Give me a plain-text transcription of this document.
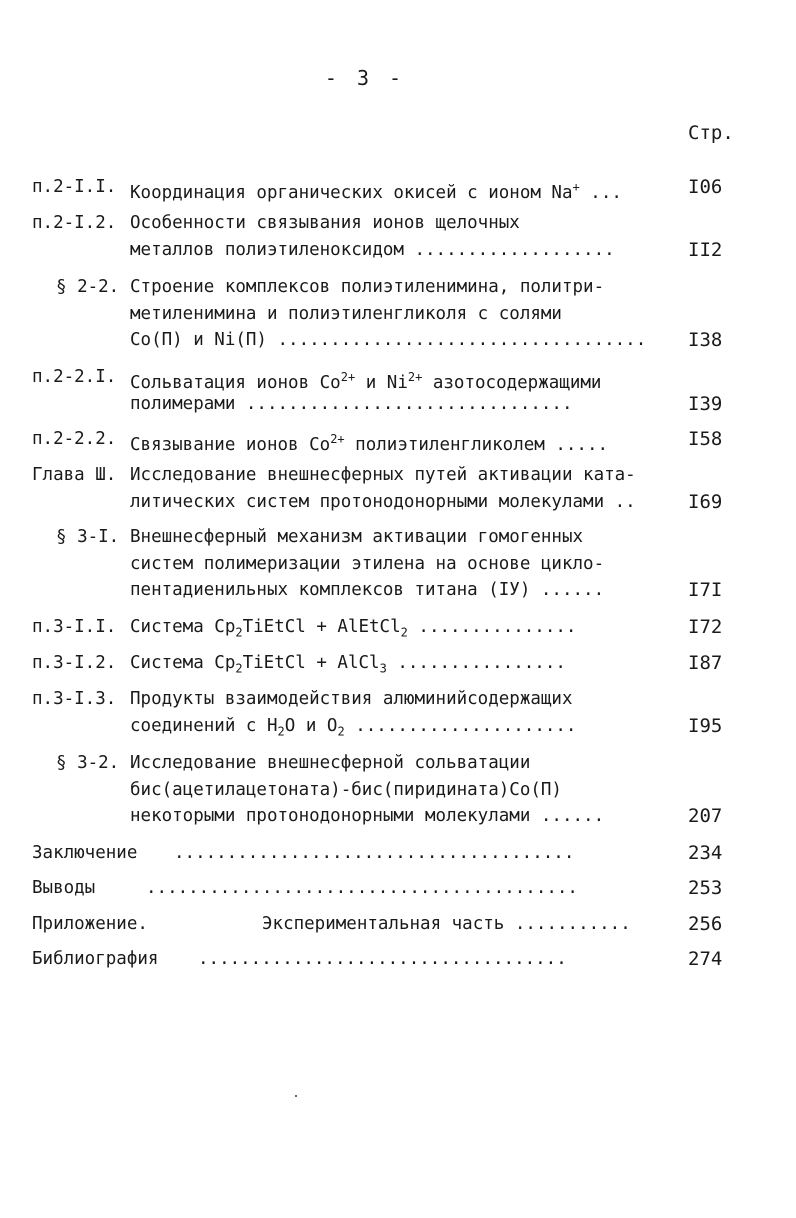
- 3 -
Стр.
п.2-I.I. Координация органических окисей с ионом Na+ ...	I06
п.2-I.2. Особенности связывания ионов щелочных
металлов полиэтиленоксидом ...................	II2
§ 2-2. Строение комплексов полиэтиленимина, политри-
метиленимина и полиэтиленгликоля с солями
Co(П) и Ni(П) ................................... I38
п.2-2.I. Сольватация ионов $Co^{2+}$ и $Ni^{2+}$ азотосодержащими
полимерами ...............................	I39
п.2-2.2. Связывание ионов $Co^{2+}$ полиэтиленгликолем .....	I58
Глава Ш. Исследование внешнесферных путей активации ката-
литических систем протонодонорными молекулами ..	I69
§ 3-I. Внешнесферный механизм активации гомогенных
систем полимеризации этилена на основе цикло-
пентадиенильных комплексов титана (IУ) ......	I7I
п.3-I.I. Система $Cp_2TiEtCl$ + AlEtCl$_2$ ...............	I72
п.3-I.2. Система $Cp_2TiEtCl$ + AlCl$_3$ ................	I87
п.3-I.3. Продукты взаимодействия алюминийсодержащих
соединений с $H_2O$ и $O_2$ .....................	I95
§ 3-2. Исследование внешнесферной сольватации
бис(ацетилацетоната)-бис(пиридината)Co(П)
некоторыми протонодонорными молекулами ......	207
Заключение ......................................	234
Выводы	.........................................	253
Приложение.	Экспериментальная часть ...........	256
Библиография ...................................	274
